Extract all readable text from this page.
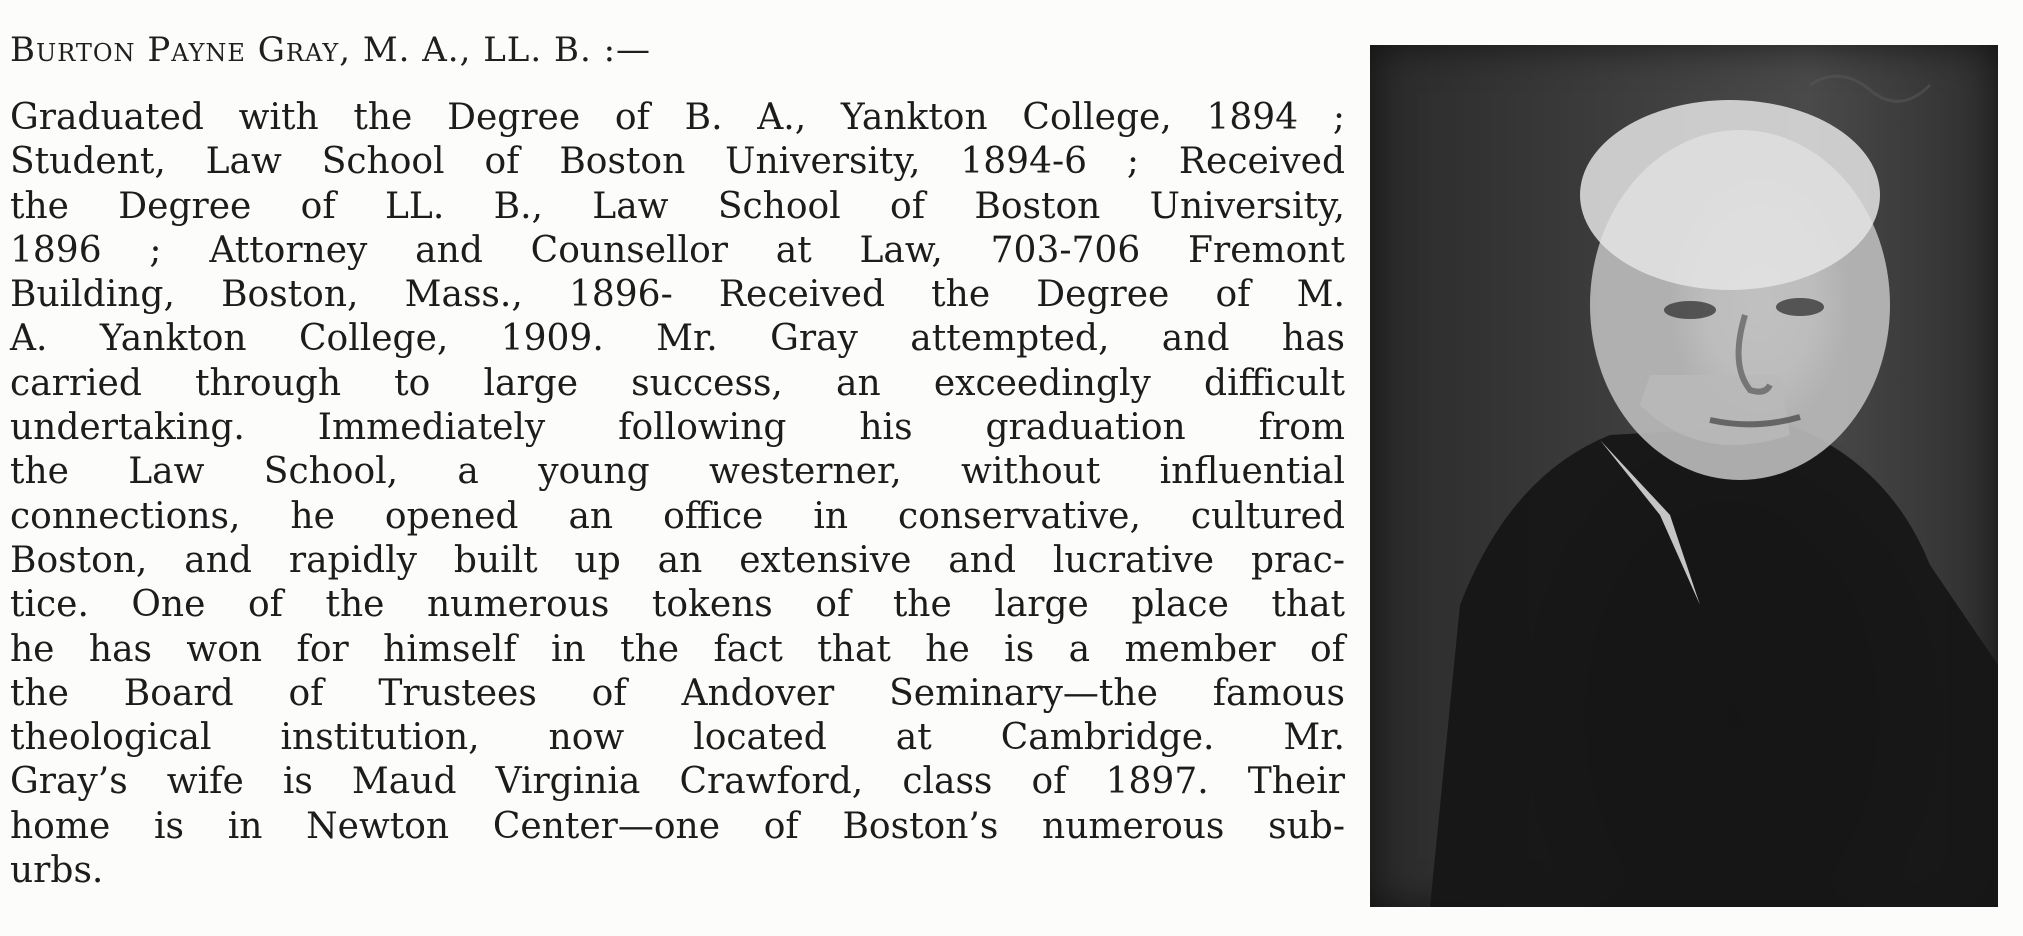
Burton Payne Gray, M. A., LL. B. :—
Graduated with the Degree of B. A., Yankton College, 1894 ;
Student, Law School of Boston University, 1894-6 ; Received
the Degree of LL. B., Law School of Boston University,
1896 ; Attorney and Counsellor at Law, 703-706 Fremont
Building, Boston, Mass., 1896- Received the Degree of M.
A. Yankton College, 1909. Mr. Gray attempted, and has
carried through to large success, an exceedingly difficult
undertaking. Immediately following his graduation from
the Law School, a young westerner, without influential
connections, he opened an office in conservative, cultured
Boston, and rapidly built up an extensive and lucrative prac-
tice. One of the numerous tokens of the large place that
he has won for himself in the fact that he is a member of
the Board of Trustees of Andover Seminary—the famous
theological institution, now located at Cambridge. Mr.
Gray’s wife is Maud Virginia Crawford, class of 1897. Their
home is in Newton Center—one of Boston’s numerous sub-
urbs.
